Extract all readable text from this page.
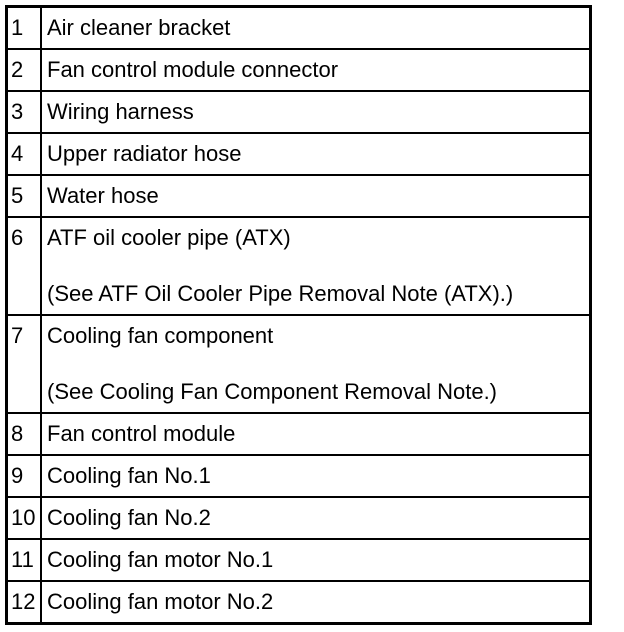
1	Air cleaner bracket
2	Fan control module connector
3	Wiring harness
4	Upper radiator hose
5	Water hose
6	ATF oil cooler pipe (ATX)
(See ATF Oil Cooler Pipe Removal Note (ATX).)

7	Cooling fan component
(See Cooling Fan Component Removal Note.)

8	Fan control module
9	Cooling fan No.1
10	Cooling fan No.2
11	Cooling fan motor No.1
12	Cooling fan motor No.2
